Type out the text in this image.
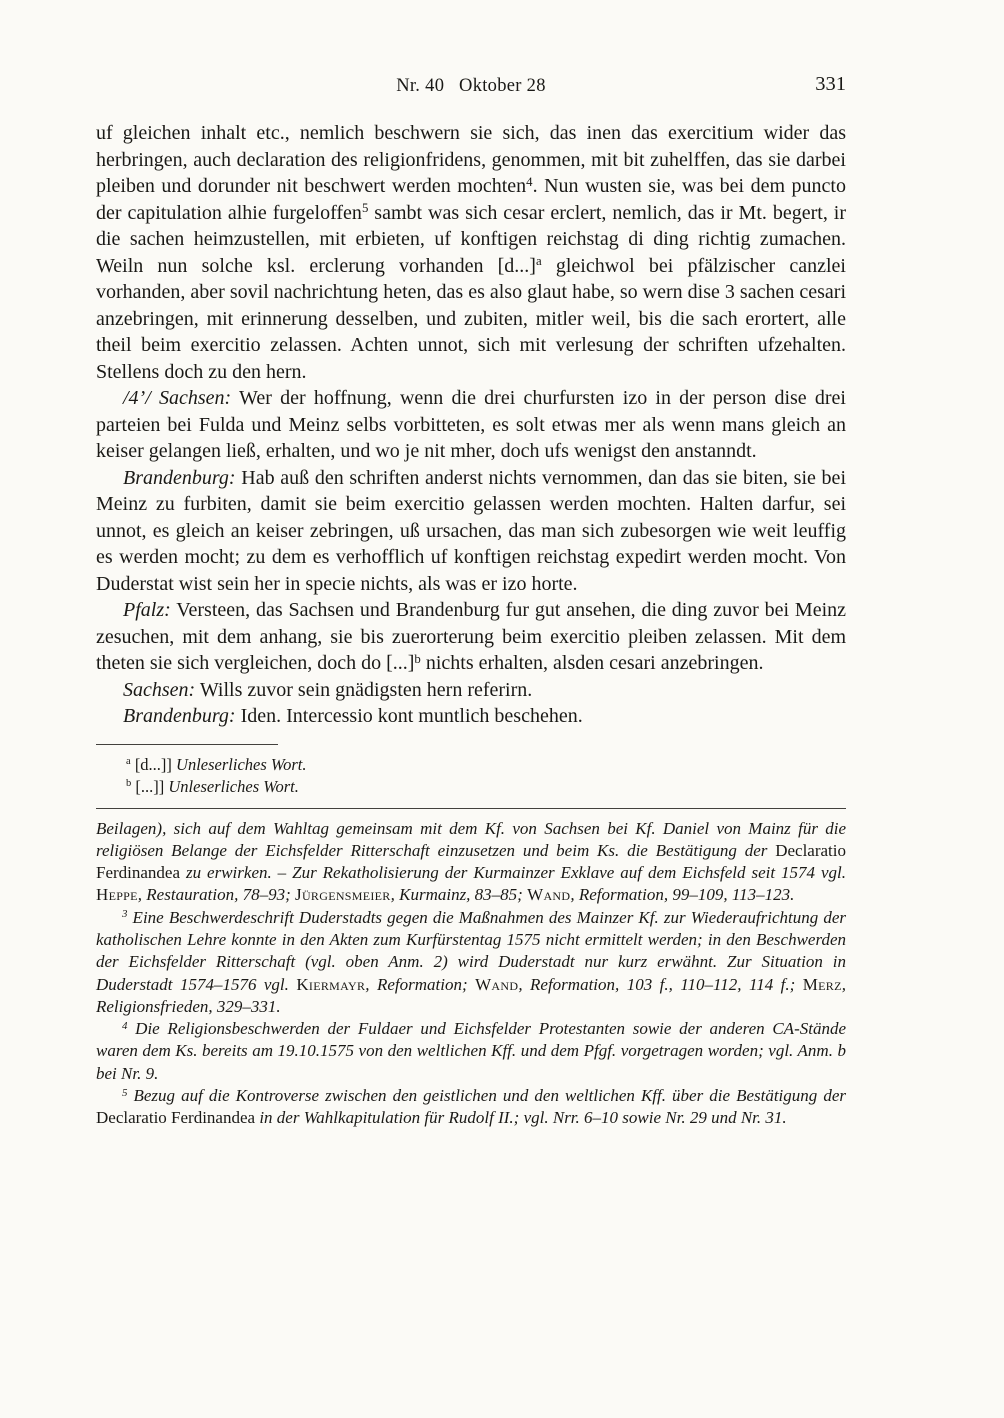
Nr. 40   Oktober 28	331

uf gleichen inhalt etc., nemlich beschwern sie sich, das inen das exercitium wider das herbringen, auch declaration des religionfridens, genommen, mit bit zuhelffen, das sie darbei pleiben und dorunder nit beschwert werden mochten$^4$. Nun wusten sie, was bei dem puncto der capitulation alhie furgeloffen$^5$ sambt was sich cesar erclert, nemlich, das ir Mt. begert, ir die sachen heimzustellen, mit erbieten, uf konftigen reichstag di ding richtig zumachen. Weiln nun solche ksl. erclerung vorhanden $[d...]^a$ gleichwol bei pfälzischer canzlei vorhanden, aber sovil nachrichtung heten, das es also glaut habe, so wern dise 3 sachen cesari anzebringen, mit erinnerung desselben, und zubiten, mitler weil, bis die sach erortert, alle theil beim exercitio zelassen. Achten unnot, sich mit verlesung der schriften ufzehalten. Stellens doch zu den hern.

/4’/ Sachsen: Wer der hoffnung, wenn die drei churfursten izo in der person dise drei parteien bei Fulda und Meinz selbs vorbitteten, es solt etwas mer als wenn mans gleich an keiser gelangen ließ, erhalten, und wo je nit mher, doch ufs wenigst den anstanndt.

Brandenburg: Hab auß den schriften anderst nichts vernommen, dan das sie biten, sie bei Meinz zu furbiten, damit sie beim exercitio gelassen werden mochten. Halten darfur, sei unnot, es gleich an keiser zebringen, uß ursachen, das man sich zubesorgen wie weit leuffig es werden mocht; zu dem es verhofflich uf konftigen reichstag expedirt werden mocht. Von Duderstat wist sein her in specie nichts, als was er izo horte.

Pfalz: Versteen, das Sachsen und Brandenburg fur gut ansehen, die ding zuvor bei Meinz zesuchen, mit dem anhang, sie bis zuerorterung beim exercitio pleiben zelassen. Mit dem theten sie sich vergleichen, doch do [...]$^b$ nichts erhalten, alsden cesari anzebringen.

Sachsen: Wills zuvor sein gnädigsten hern referirn.

Brandenburg: Iden. Intercessio kont muntlich beschehen.

$^a$ [d...]] Unleserliches Wort.

$^b$ [...]] Unleserliches Wort.

Beilagen), sich auf dem Wahltag gemeinsam mit dem Kf. von Sachsen bei Kf. Daniel von Mainz für die religiösen Belange der Eichsfelder Ritterschaft einzusetzen und beim Ks. die Bestätigung der Declaratio Ferdinandea zu erwirken. – Zur Rekatholisierung der Kurmainzer Exklave auf dem Eichsfeld seit 1574 vgl. Heppe, Restauration, 78–93; Jürgensmeier, Kurmainz, 83–85; Wand, Reformation, 99–109, 113–123.

$^3$ Eine Beschwerdeschrift Duderstadts gegen die Maßnahmen des Mainzer Kf. zur Wiederaufrichtung der katholischen Lehre konnte in den Akten zum Kurfürstentag 1575 nicht ermittelt werden; in den Beschwerden der Eichsfelder Ritterschaft (vgl. oben Anm. 2) wird Duderstadt nur kurz erwähnt. Zur Situation in Duderstadt 1574–1576 vgl. Kiermayr, Reformation; Wand, Reformation, 103 f., 110–112, 114 f.; Merz, Religionsfrieden, 329–331.

$^4$ Die Religionsbeschwerden der Fuldaer und Eichsfelder Protestanten sowie der anderen CA-Stände waren dem Ks. bereits am 19.10.1575 von den weltlichen Kff. und dem Pfgf. vorgetragen worden; vgl. Anm. b bei Nr. 9.

$^5$ Bezug auf die Kontroverse zwischen den geistlichen und den weltlichen Kff. über die Bestätigung der Declaratio Ferdinandea in der Wahlkapitulation für Rudolf II.; vgl. Nrr. 6–10 sowie Nr. 29 und Nr. 31.
